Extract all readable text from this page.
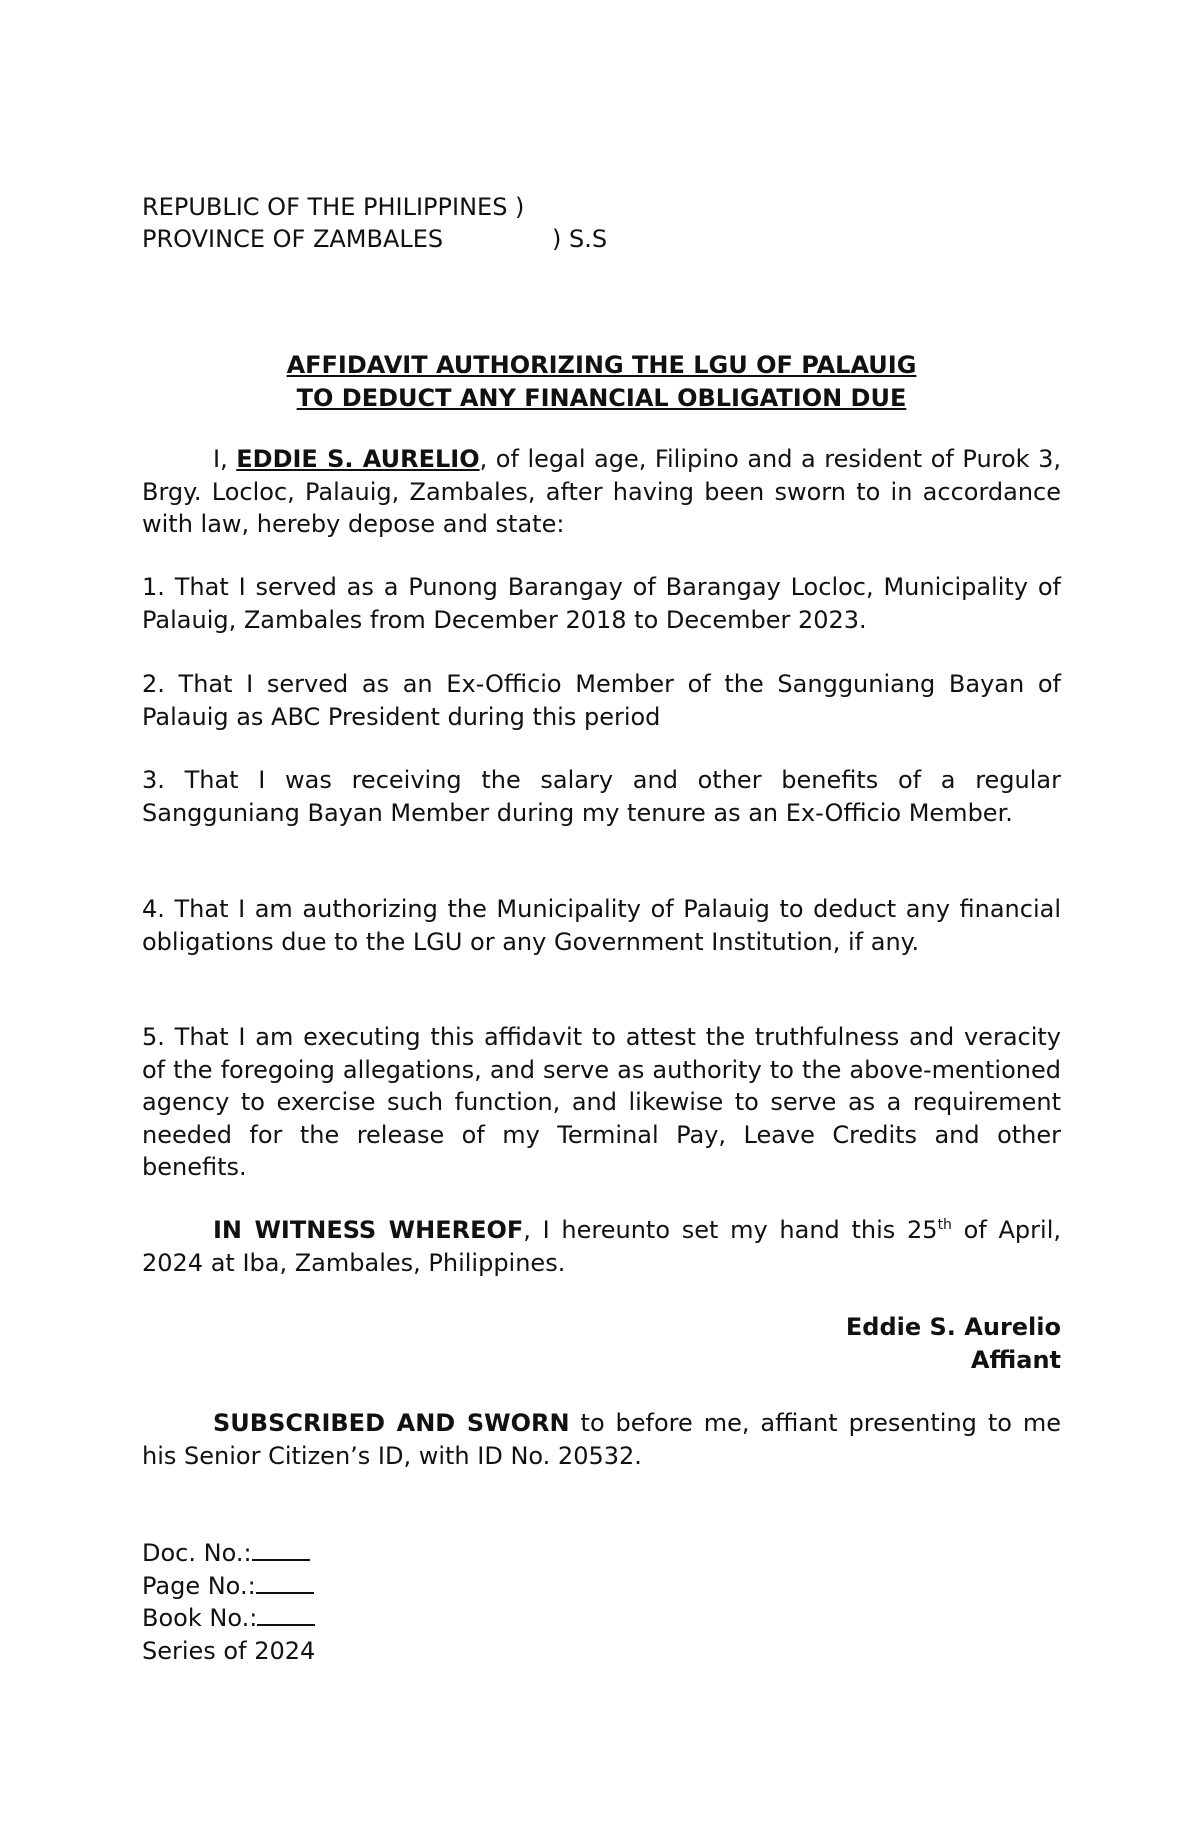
REPUBLIC OF THE PHILIPPINES )
PROVINCE OF ZAMBALES	) S.S
AFFIDAVIT AUTHORIZING THE LGU OF PALAUIG
TO DEDUCT ANY FINANCIAL OBLIGATION DUE
I, EDDIE S. AURELIO, of legal age, Filipino and a resident of Purok 3, Brgy. Locloc, Palauig, Zambales, after having been sworn to in accordance with law, hereby depose and state:
1. That I served as a Punong Barangay of Barangay Locloc, Municipality of Palauig, Zambales from December 2018 to December 2023.
2. That I served as an Ex-Officio Member of the Sangguniang Bayan of Palauig as ABC President during this period
3. That I was receiving the salary and other benefits of a regular Sangguniang Bayan Member during my tenure as an Ex-Officio Member.
4. That I am authorizing the Municipality of Palauig to deduct any financial obligations due to the LGU or any Government Institution, if any.
5. That I am executing this affidavit to attest the truthfulness and veracity of the foregoing allegations, and serve as authority to the above-mentioned agency to exercise such function, and likewise to serve as a requirement needed for the release of my Terminal Pay, Leave Credits and other benefits.
IN WITNESS WHEREOF, I hereunto set my hand this 25th of April, 2024 at Iba, Zambales, Philippines.
Eddie S. Aurelio
Affiant
SUBSCRIBED AND SWORN to before me, affiant presenting to me his Senior Citizen’s ID, with ID No. 20532.
Doc. No.:
Page No.:
Book No.:
Series of 2024
